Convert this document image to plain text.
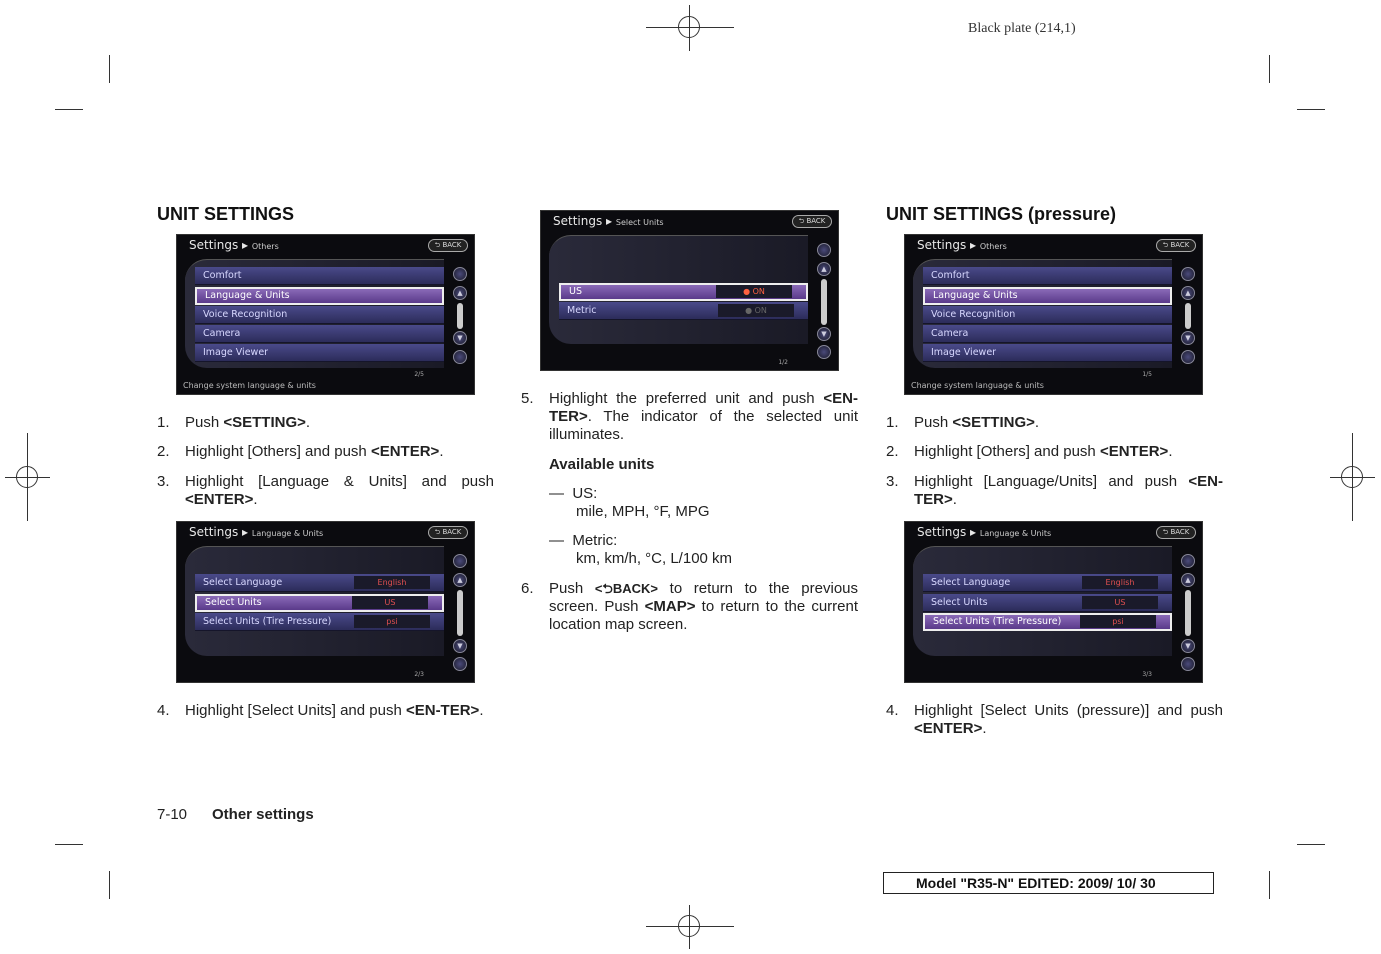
Black plate (214,1)
UNIT SETTINGS
Settings ▸ Others	⮌ BACK
Comfort
Language & Units
Voice Recognition
Camera
Image Viewer
▲
▼
2/5
Change system language & units
1. Push <SETTING>.
2. Highlight [Others] and push <ENTER>.
3. Highlight [Language & Units] and push <ENTER>.
Settings ▸ Language & Units	⮌ BACK
Select Language	English
Select Units	US
Select Units (Tire Pressure)	psi
▲
▼
2/3
4. Highlight [Select Units] and push <EN-TER>.
Settings ▸ Select Units	⮌ BACK
US	● ON
Metric	● ON
▲
▼
1/2
5. Highlight the preferred unit and push <EN-TER>. The indicator of the selected unit illuminates.
Available units
— US:
mile, MPH, °F, MPG
— Metric:
km, km/h, °C, L/100 km
6. Push <⮌BACK> to return to the previous screen. Push <MAP> to return to the current location map screen.
UNIT SETTINGS (pressure)
Settings ▸ Others	⮌ BACK
Comfort
Language & Units
Voice Recognition
Camera
Image Viewer
▲
▼
1/5
Change system language & units
1. Push <SETTING>.
2. Highlight [Others] and push <ENTER>.
3. Highlight [Language/Units] and push <EN-TER>.
Settings ▸ Language & Units	⮌ BACK
Select Language	English
Select Units	US
Select Units (Tire Pressure)	psi
▲
▼
3/3
4. Highlight [Select Units (pressure)] and push <ENTER>.
7-10 Other settings
Model "R35-N" EDITED: 2009/ 10/ 30
